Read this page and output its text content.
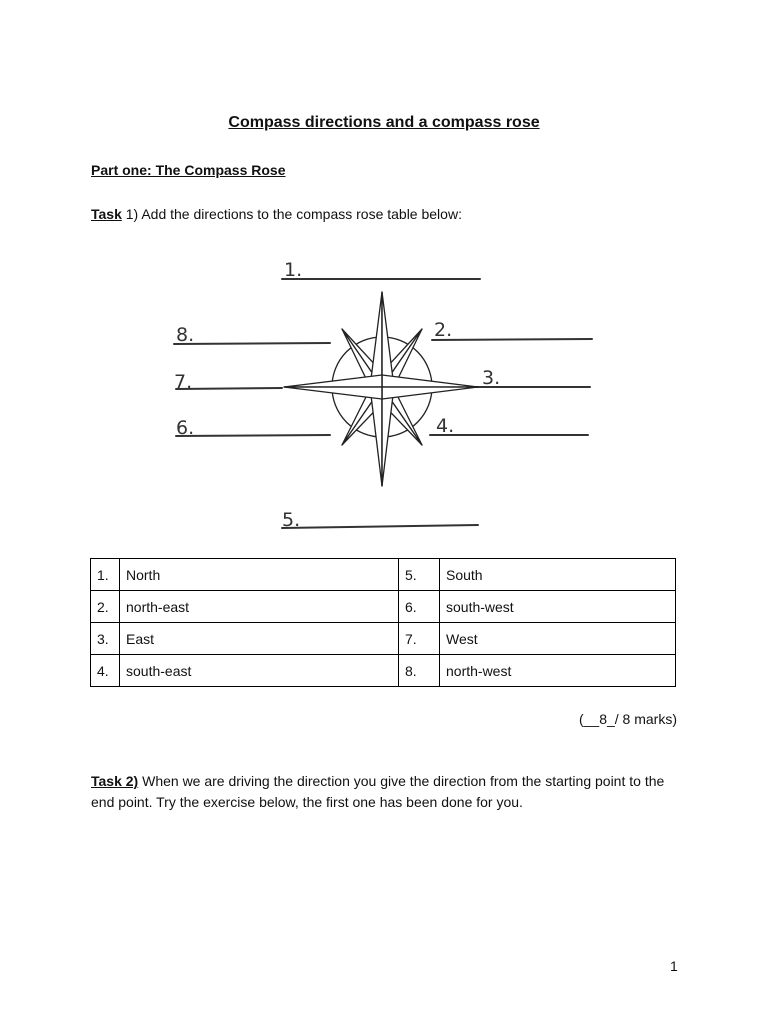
Compass directions and a compass rose

Part one: The Compass Rose

Task 1) Add the directions to the compass rose table below:

1.
2.
3.
4.
5.
6.
7.
8.
1.	North	5.	South
2.	north-east	6.	south-west
3.	East	7.	West
4.	south-east	8.	north-west

(__8_/ 8 marks)

Task 2) When we are driving the direction you give the direction from the starting point to the end point. Try the exercise below, the first one has been done for you.

1
